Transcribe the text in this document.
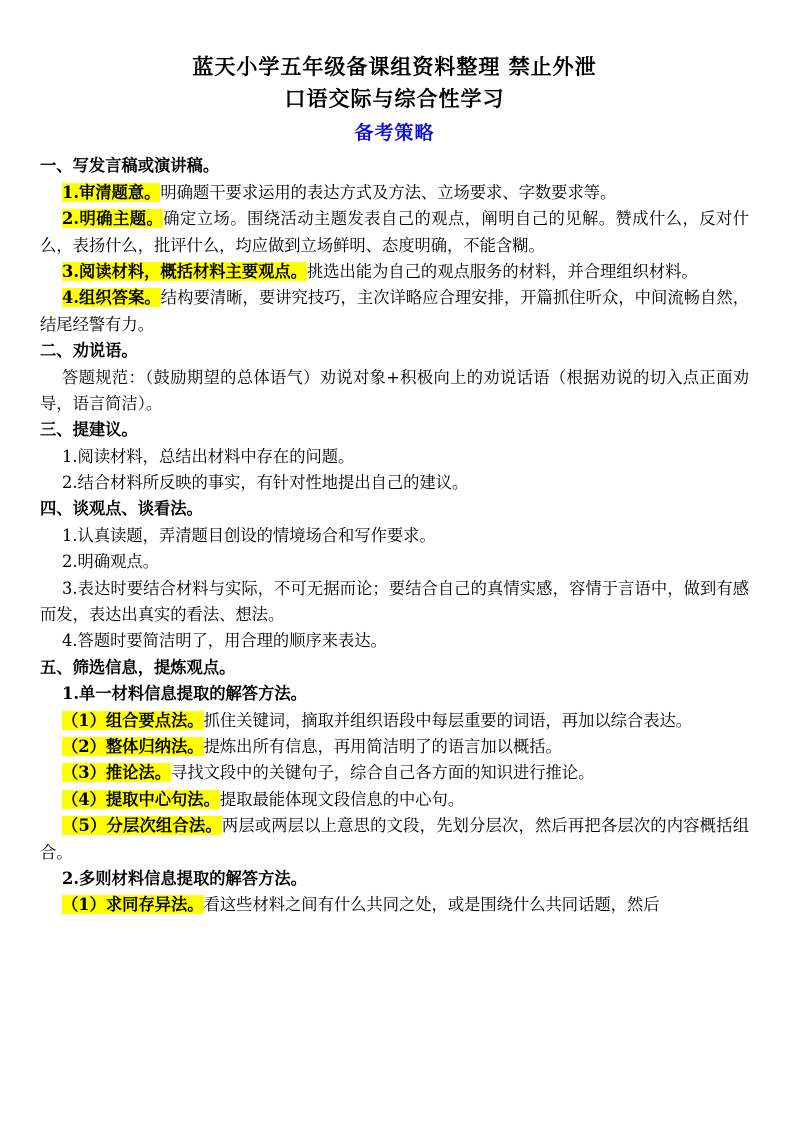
蓝天小学五年级备课组资料整理 禁止外泄
口语交际与综合性学习
备考策略

一、写发言稿或演讲稿。

1.审清题意。明确题干要求运用的表达方式及方法、立场要求、字数要求等。

2.明确主题。确定立场。围绕活动主题发表自己的观点，阐明自己的见解。赞成什么，反对什么，表扬什么，批评什么，均应做到立场鲜明、态度明确，不能含糊。

3.阅读材料，概括材料主要观点。挑选出能为自己的观点服务的材料，并合理组织材料。

4.组织答案。结构要清晰，要讲究技巧，主次详略应合理安排，开篇抓住听众，中间流畅自然，结尾经警有力。

二、劝说语。

答题规范：（鼓励期望的总体语气）劝说对象+积极向上的劝说话语（根据劝说的切入点正面劝导，语言简洁）。

三、提建议。

1.阅读材料，总结出材料中存在的问题。

2.结合材料所反映的事实，有针对性地提出自己的建议。

四、谈观点、谈看法。

1.认真读题，弄清题目创设的情境场合和写作要求。

2.明确观点。

3.表达时要结合材料与实际，不可无据而论；要结合自己的真情实感，容情于言语中，做到有感而发，表达出真实的看法、想法。

4.答题时要简洁明了，用合理的顺序来表达。

五、筛选信息，提炼观点。

1.单一材料信息提取的解答方法。

（1）组合要点法。抓住关键词，摘取并组织语段中每层重要的词语，再加以综合表达。

（2）整体归纳法。提炼出所有信息，再用简洁明了的语言加以概括。

（3）推论法。寻找文段中的关键句子，综合自己各方面的知识进行推论。

（4）提取中心句法。提取最能体现文段信息的中心句。

（5）分层次组合法。两层或两层以上意思的文段，先划分层次，然后再把各层次的内容概括组合。

2.多则材料信息提取的解答方法。

（1）求同存异法。看这些材料之间有什么共同之处，或是围绕什么共同话题，然后
